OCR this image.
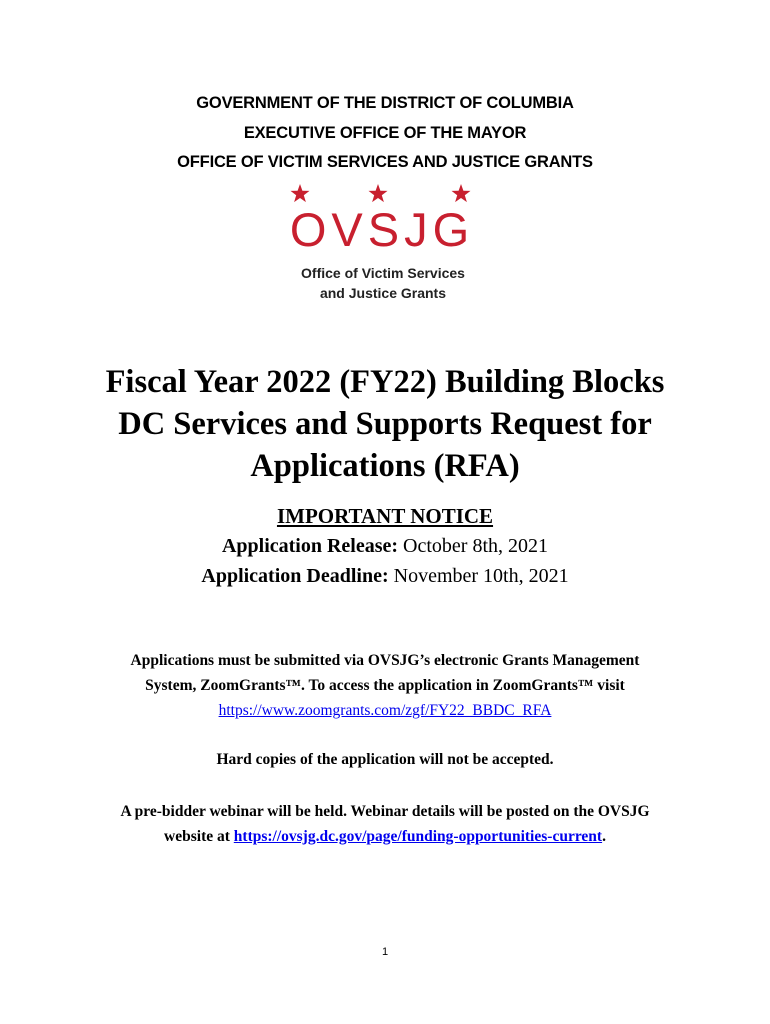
GOVERNMENT OF THE DISTRICT OF COLUMBIA
EXECUTIVE OFFICE OF THE MAYOR
OFFICE OF VICTIM SERVICES AND JUSTICE GRANTS
OVSJG
Office of Victim Services
and Justice Grants
Fiscal Year 2022 (FY22) Building Blocks
DC Services and Supports Request for
Applications (RFA)
IMPORTANT NOTICE
Application Release: October 8th, 2021
Application Deadline: November 10th, 2021
Applications must be submitted via OVSJG’s electronic Grants Management
System, ZoomGrants™. To access the application in ZoomGrants™ visit
https://www.zoomgrants.com/zgf/FY22_BBDC_RFA
Hard copies of the application will not be accepted.
A pre-bidder webinar will be held. Webinar details will be posted on the OVSJG
website at https://ovsjg.dc.gov/page/funding-opportunities-current.
1
